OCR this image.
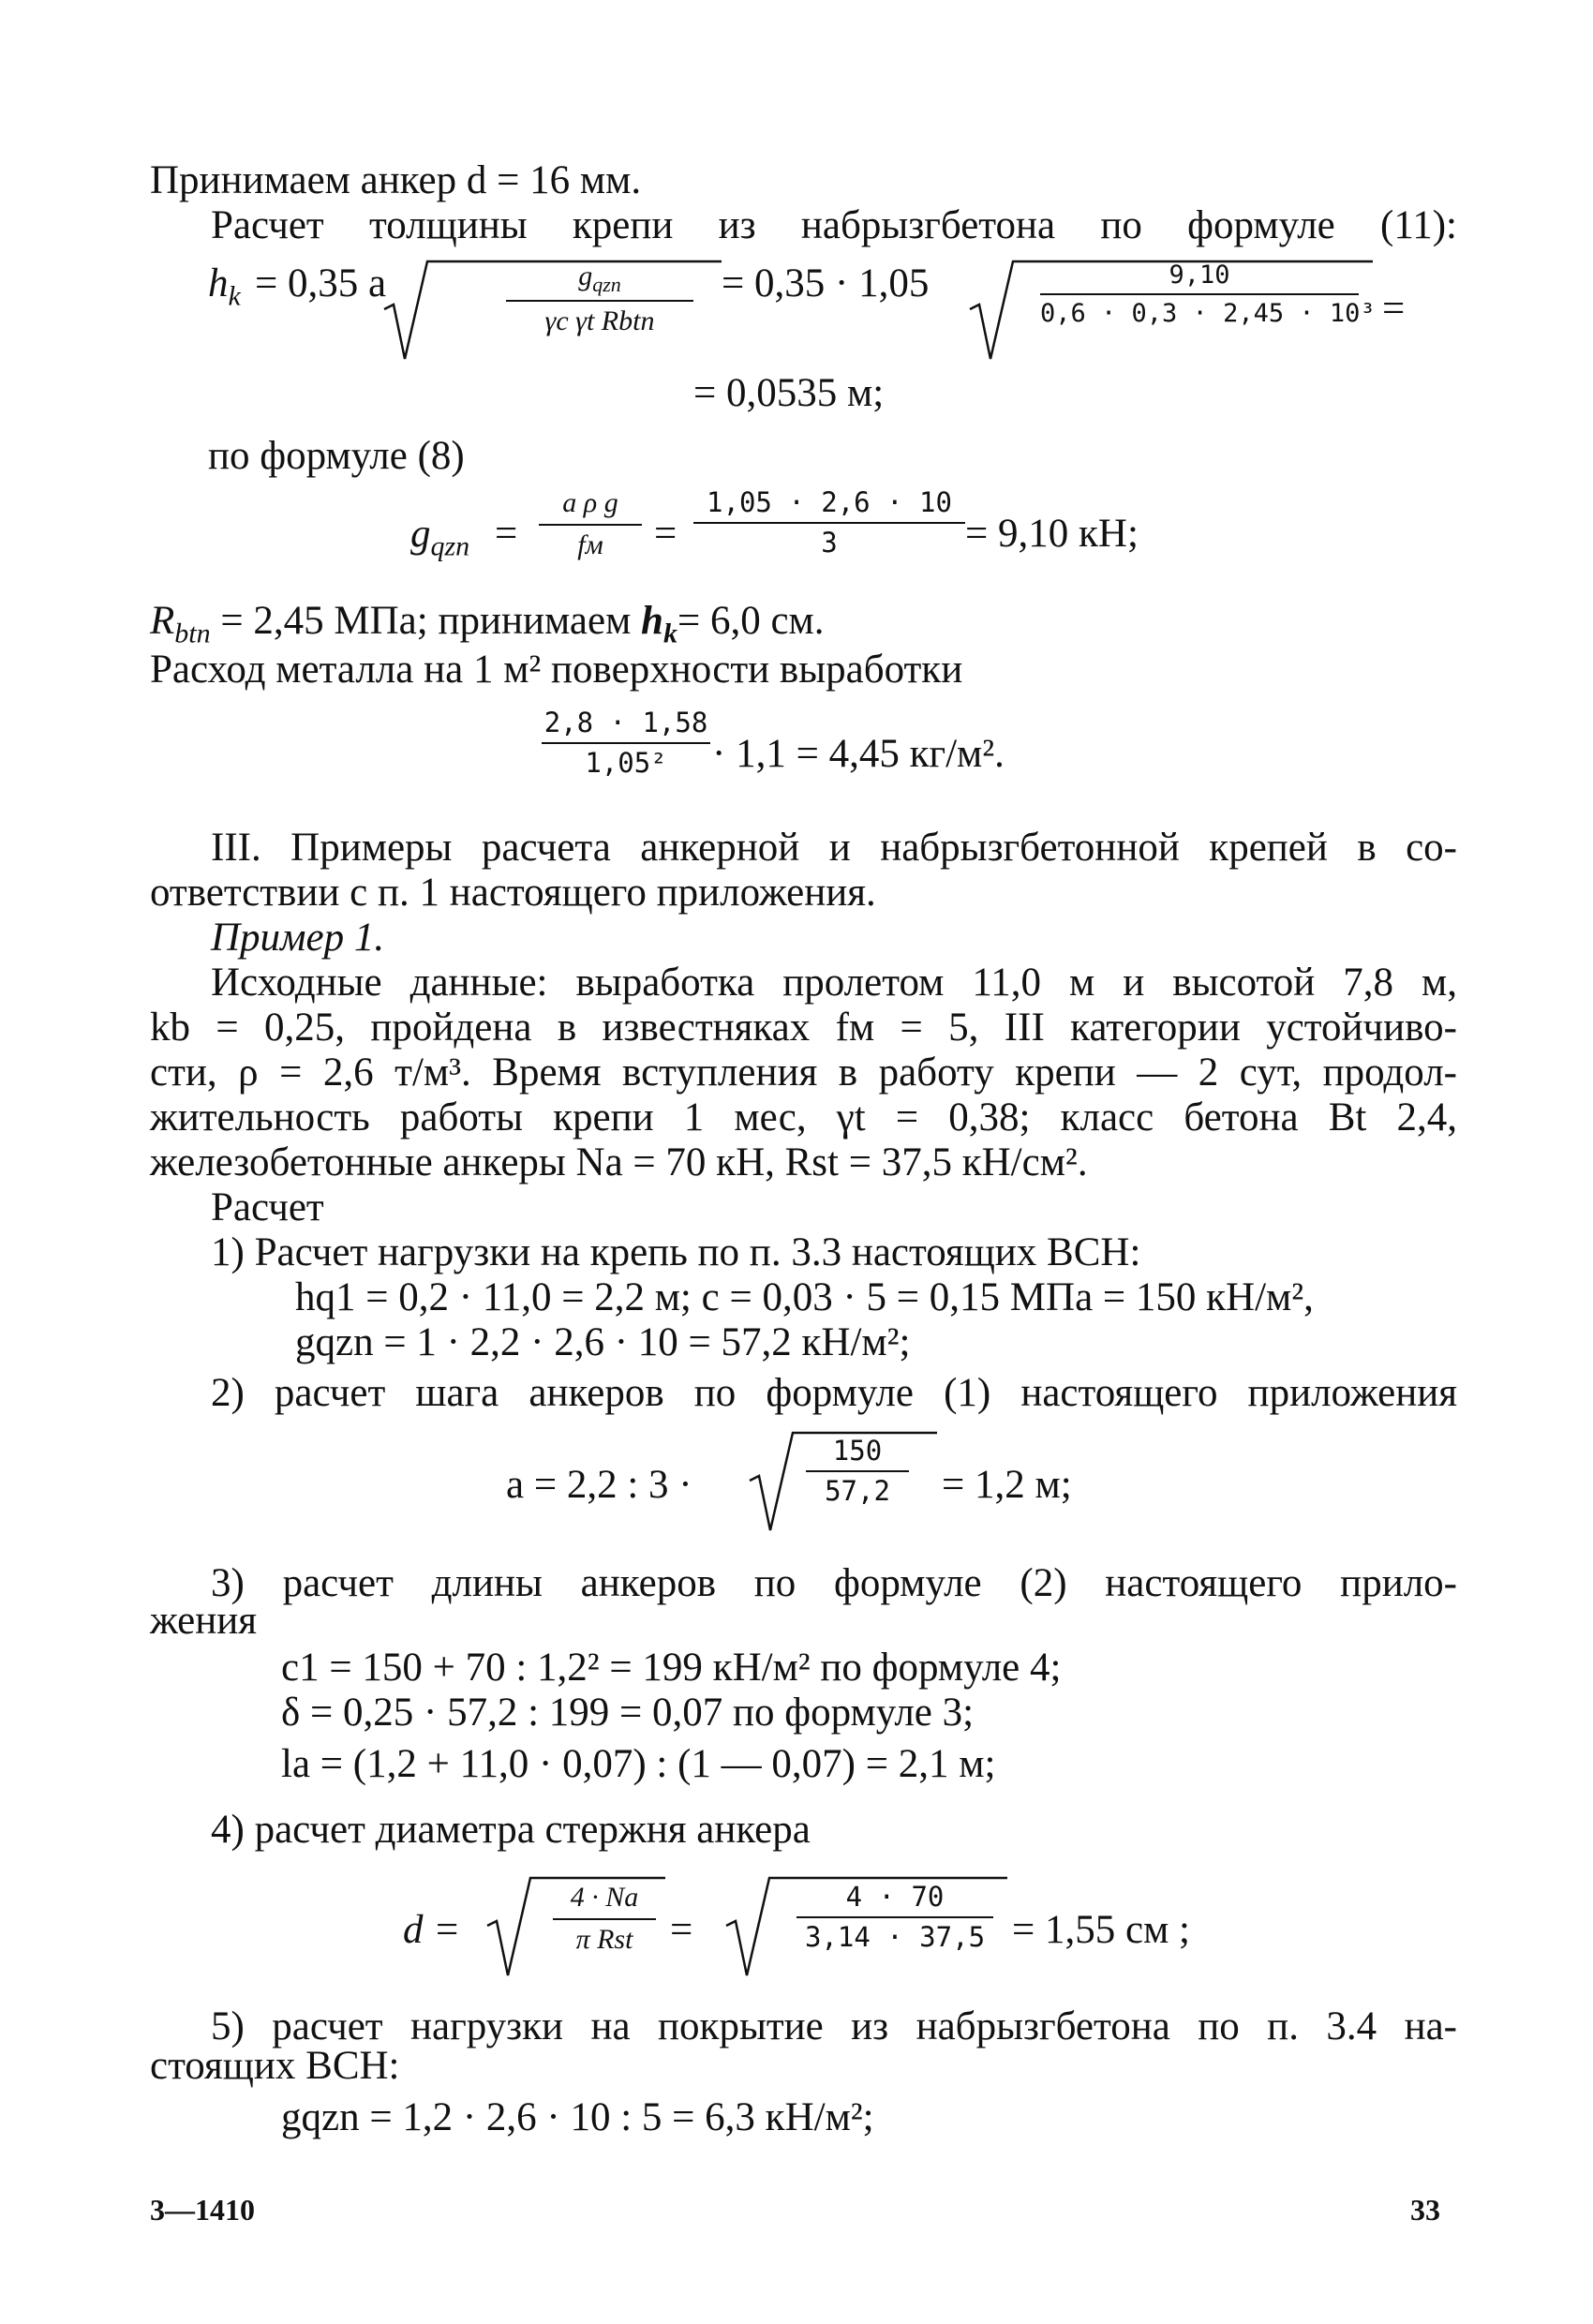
Принимаем анкер d = 16 мм.
Расчет толщины крепи из набрызгбетона по формуле (11):
$h_k = 0,35$ a	$g_{qzn}$
γc γt Rbtn
= 0,35 · 1,05	9,10
0,6 · 0,3 · 2,45 · 10³ =
= 0,0535 м;
по формуле (8)
$g_{qzn}$ =
a ρ g
fм	=
1,05 · 2,6 · 10
3	= 9,10 кН;
$R_{btn} = 2,45$ МПа; принимаем $h_k= 6,0$ см.
Расход металла на 1 м² поверхности выработки
2,8 · 1,58
1,05²	· 1,1 = 4,45 кг/м².
III. Примеры расчета анкерной и набрызгбетонной крепей в со-
ответствии с п. 1 настоящего приложения.
Пример 1.
Исходные данные: выработка пролетом 11,0 м и высотой 7,8 м,
kb = 0,25, пройдена в известняках fм = 5, III категории устойчиво-
сти, ρ = 2,6 т/м³. Время вступления в работу крепи — 2 сут, продол-
жительность работы крепи 1 мес, γt = 0,38; класс бетона Bt 2,4,
железобетонные анкеры Nа = 70 кН, Rst = 37,5 кН/см².
Расчет
1) Расчет нагрузки на крепь по п. 3.3 настоящих ВСН:
hq1 = 0,2 · 11,0 = 2,2 м; c = 0,03 · 5 = 0,15 МПа = 150 кН/м²,
gqzn = 1 · 2,2 · 2,6 · 10 = 57,2 кН/м²;
2) расчет шага анкеров по формуле (1) настоящего приложения
a = 2,2 : 3 ·
150
57,2	= 1,2 м;
3) расчет длины анкеров по формуле (2) настоящего прило-
жения
c1 = 150 + 70 : 1,2² = 199 кН/м² по формуле 4;
δ = 0,25 · 57,2 : 199 = 0,07 по формуле 3;
lа = (1,2 + 11,0 · 0,07) : (1 — 0,07) = 2,1 м;
4) расчет диаметра стержня анкера
d =
4 · Nа
π Rst =
4 · 70
3,14 · 37,5 = 1,55 см ;
5) расчет нагрузки на покрытие из набрызгбетона по п. 3.4 на-
стоящих ВСН:
gqzn = 1,2 · 2,6 · 10 : 5 = 6,3 кН/м²;
3—1410	33
